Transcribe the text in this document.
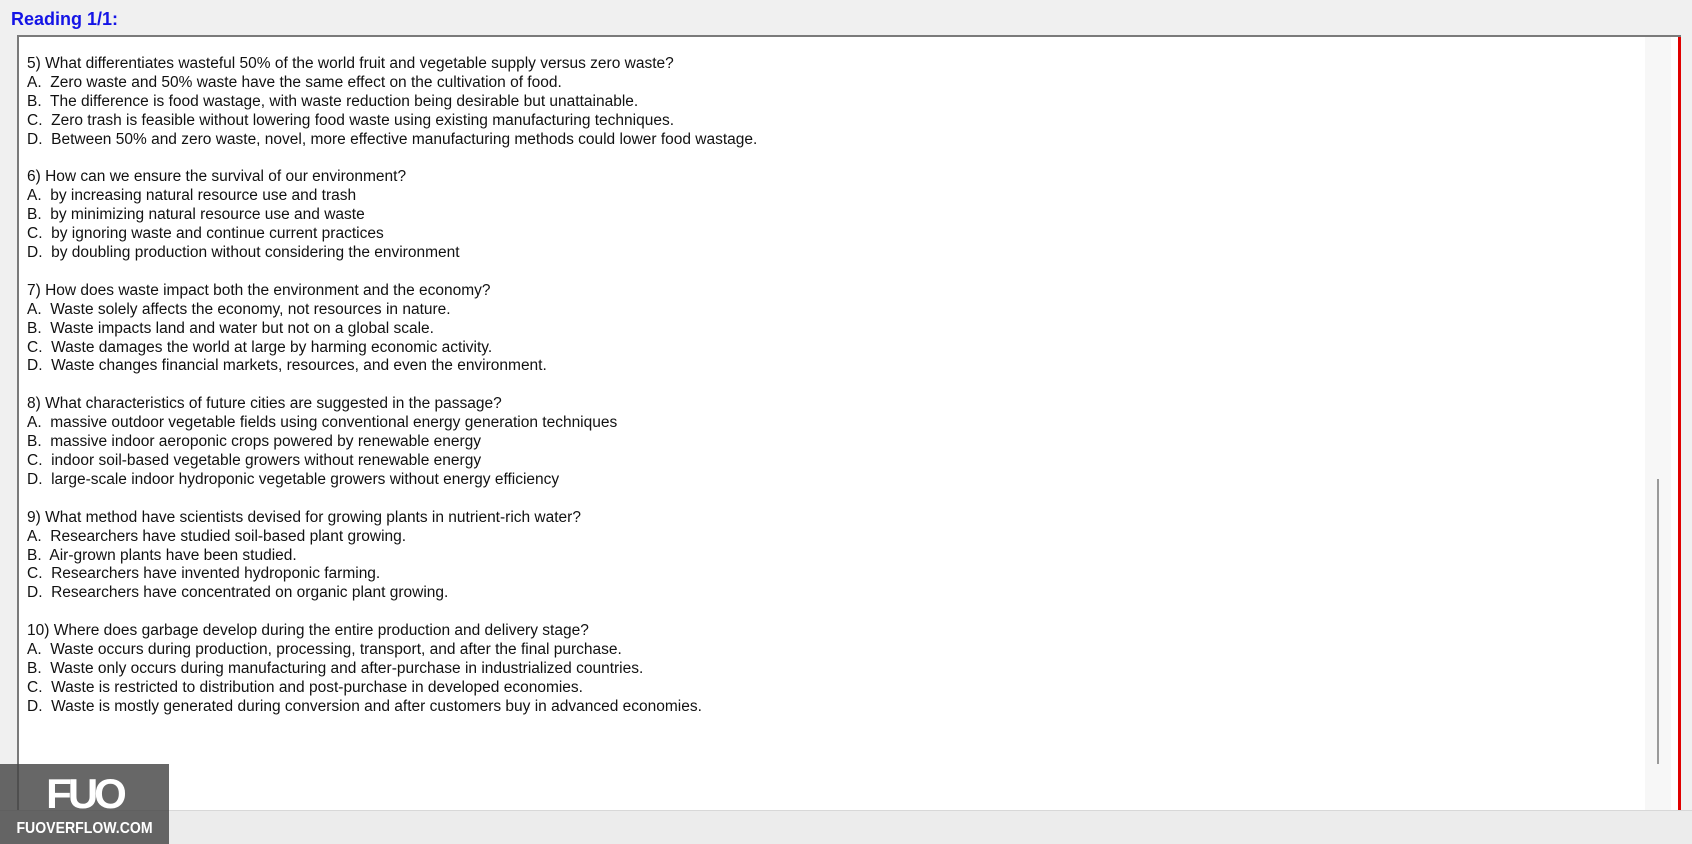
Reading 1/1:
5) What differentiates wasteful 50% of the world fruit and vegetable supply versus zero waste?
A.  Zero waste and 50% waste have the same effect on the cultivation of food.
B.  The difference is food wastage, with waste reduction being desirable but unattainable.
C.  Zero trash is feasible without lowering food waste using existing manufacturing techniques.
D.  Between 50% and zero waste, novel, more effective manufacturing methods could lower food wastage.
6) How can we ensure the survival of our environment?
A.  by increasing natural resource use and trash
B.  by minimizing natural resource use and waste
C.  by ignoring waste and continue current practices
D.  by doubling production without considering the environment
7) How does waste impact both the environment and the economy?
A.  Waste solely affects the economy, not resources in nature.
B.  Waste impacts land and water but not on a global scale.
C.  Waste damages the world at large by harming economic activity.
D.  Waste changes financial markets, resources, and even the environment.
8) What characteristics of future cities are suggested in the passage?
A.  massive outdoor vegetable fields using conventional energy generation techniques
B.  massive indoor aeroponic crops powered by renewable energy
C.  indoor soil-based vegetable growers without renewable energy
D.  large-scale indoor hydroponic vegetable growers without energy efficiency
9) What method have scientists devised for growing plants in nutrient-rich water?
A.  Researchers have studied soil-based plant growing.
B.  Air-grown plants have been studied.
C.  Researchers have invented hydroponic farming.
D.  Researchers have concentrated on organic plant growing.
10) Where does garbage develop during the entire production and delivery stage?
A.  Waste occurs during production, processing, transport, and after the final purchase.
B.  Waste only occurs during manufacturing and after-purchase in industrialized countries.
C.  Waste is restricted to distribution and post-purchase in developed economies.
D.  Waste is mostly generated during conversion and after customers buy in advanced economies.
FUO
FUOVERFLOW.COM
